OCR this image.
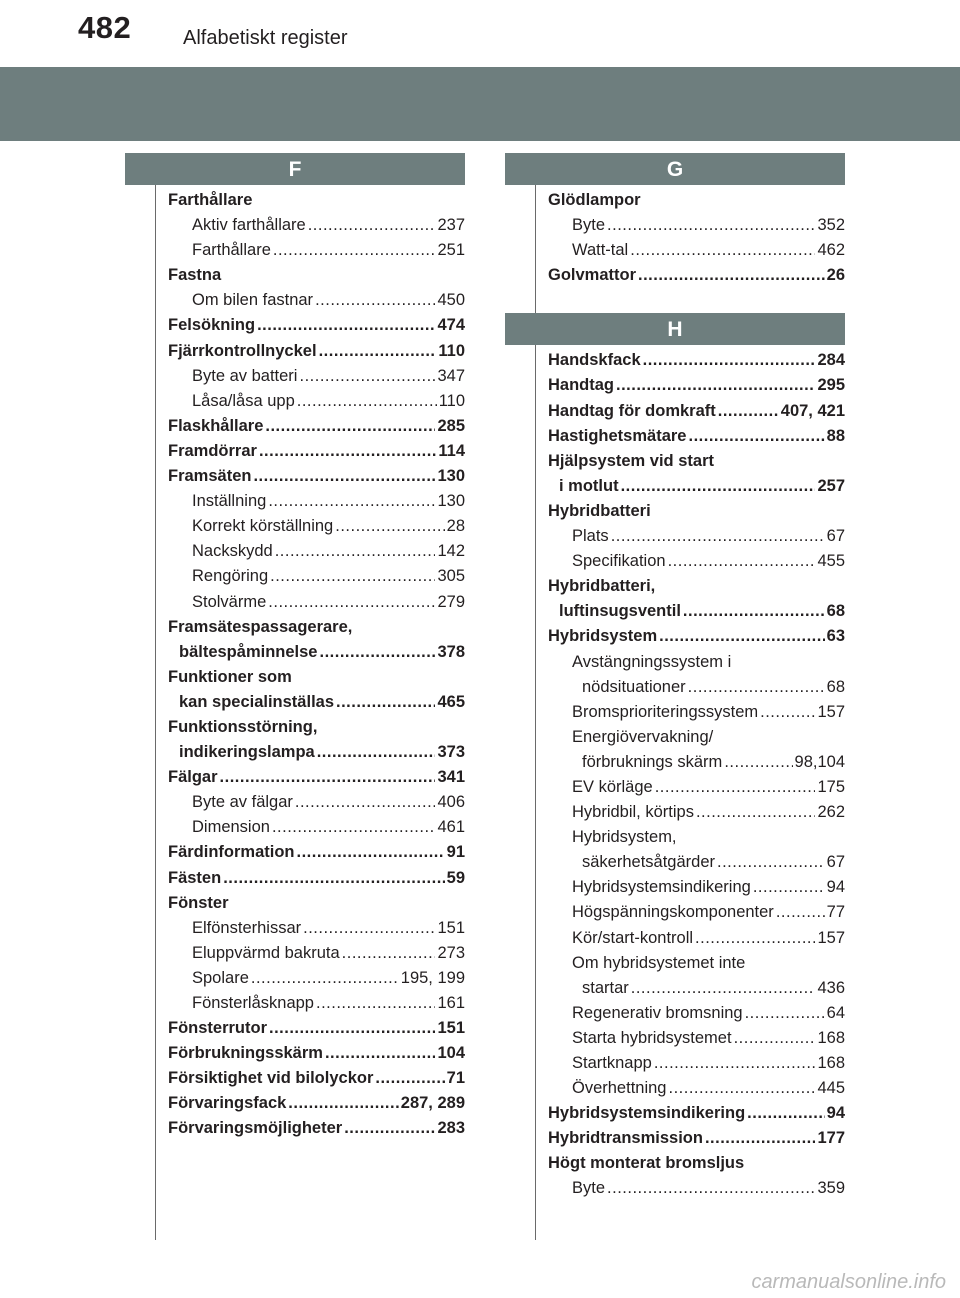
482	Alfabetiskt register
F
Farthållare
Aktiv farthållare .....	237
Farthållare .....	251
Fastna
Om bilen fastnar .....	450
Felsökning .....	474
Fjärrkontrollnyckel .....	110
Byte av batteri .....	347
Låsa/låsa upp .....	110
Flaskhållare .....	285
Framdörrar .....	114
Framsäten .....	130
Inställning .....	130
Korrekt körställning .....	28
Nackskydd .....	142
Rengöring .....	305
Stolvärme .....	279
Framsätespassagerare,
bältespåminnelse .....	378
Funktioner som
kan specialinställas .....	465
Funktionsstörning,
indikeringslampa .....	373
Fälgar .....	341
Byte av fälgar .....	406
Dimension .....	461
Färdinformation .....	91
Fästen .....	59
Fönster
Elfönsterhissar .....	151
Eluppvärmd bakruta .....	273
Spolare .....	195, 199
Fönsterlåsknapp .....	161
Fönsterrutor .....	151
Förbrukningsskärm .....	104
Försiktighet vid bilolyckor .....	71
Förvaringsfack .....	287, 289
Förvaringsmöjligheter .....	283
G
Glödlampor
Byte .....	352
Watt-tal .....	462
Golvmattor .....	26
H
Handskfack .....	284
Handtag .....	295
Handtag för domkraft .....	407, 421
Hastighetsmätare .....	88
Hjälpsystem vid start
i motlut .....	257
Hybridbatteri
Plats .....	67
Specifikation .....	455
Hybridbatteri,
luftinsugsventil .....	68
Hybridsystem .....	63
Avstängningssystem i
nödsituationer .....	68
Bromsprioriteringssystem .....	157
Energiövervakning/
förbruknings skärm .....	98,104
EV körläge .....	175
Hybridbil, körtips .....	262
Hybridsystem,
säkerhetsåtgärder .....	67
Hybridsystemsindikering .....	94
Högspänningskomponenter .....	77
Kör/start-kontroll .....	157
Om hybridsystemet inte
startar .....	436
Regenerativ bromsning .....	64
Starta hybridsystemet .....	168
Startknapp .....	168
Överhettning .....	445
Hybridsystemsindikering .....	94
Hybridtransmission .....	177
Högt monterat bromsljus
Byte .....	359
carmanualsonline.info
